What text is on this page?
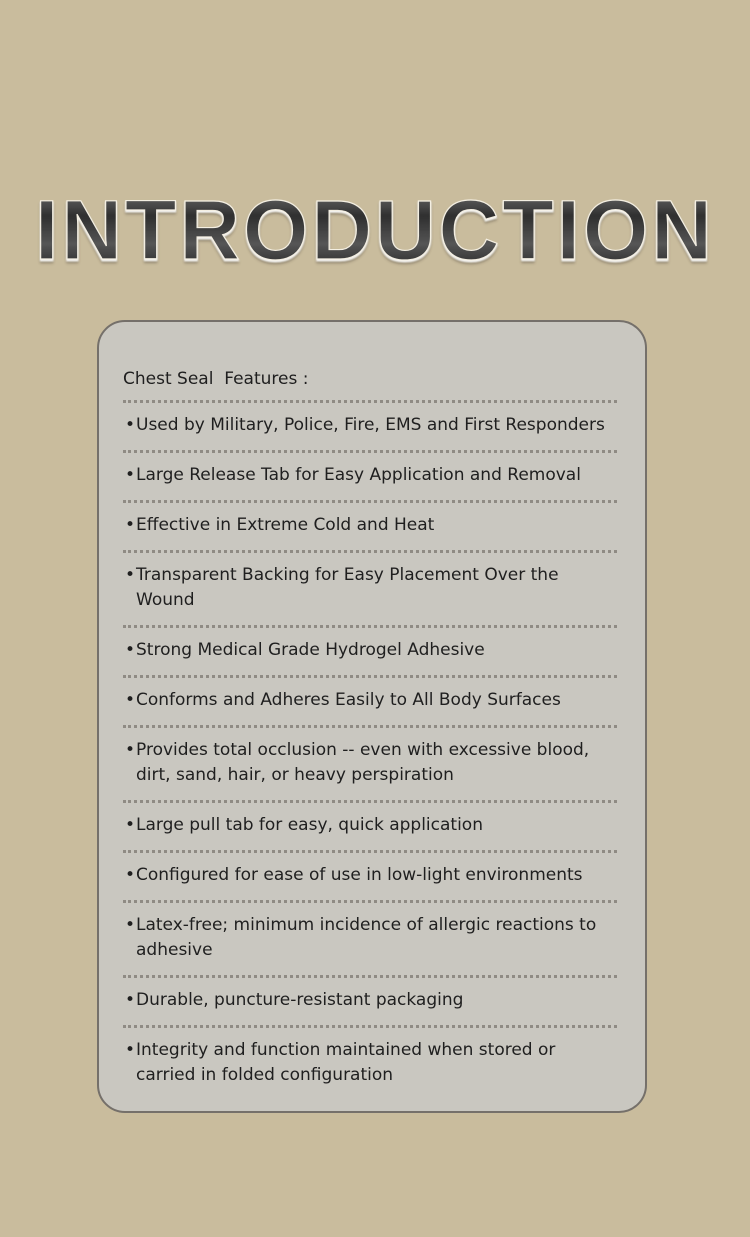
INTRODUCTION

Chest Seal  Features :

• Used by Military, Police, Fire, EMS and First Responders
• Large Release Tab for Easy Application and Removal
• Effective in Extreme Cold and Heat
• Transparent Backing for Easy Placement Over the Wound
• Strong Medical Grade Hydrogel Adhesive
• Conforms and Adheres Easily to All Body Surfaces
• Provides total occlusion -- even with excessive blood, dirt, sand, hair, or heavy perspiration
• Large pull tab for easy, quick application
• Configured for ease of use in low-light environments
• Latex-free; minimum incidence of allergic reactions to adhesive
• Durable, puncture-resistant packaging
• Integrity and function maintained when stored or carried in folded configuration
